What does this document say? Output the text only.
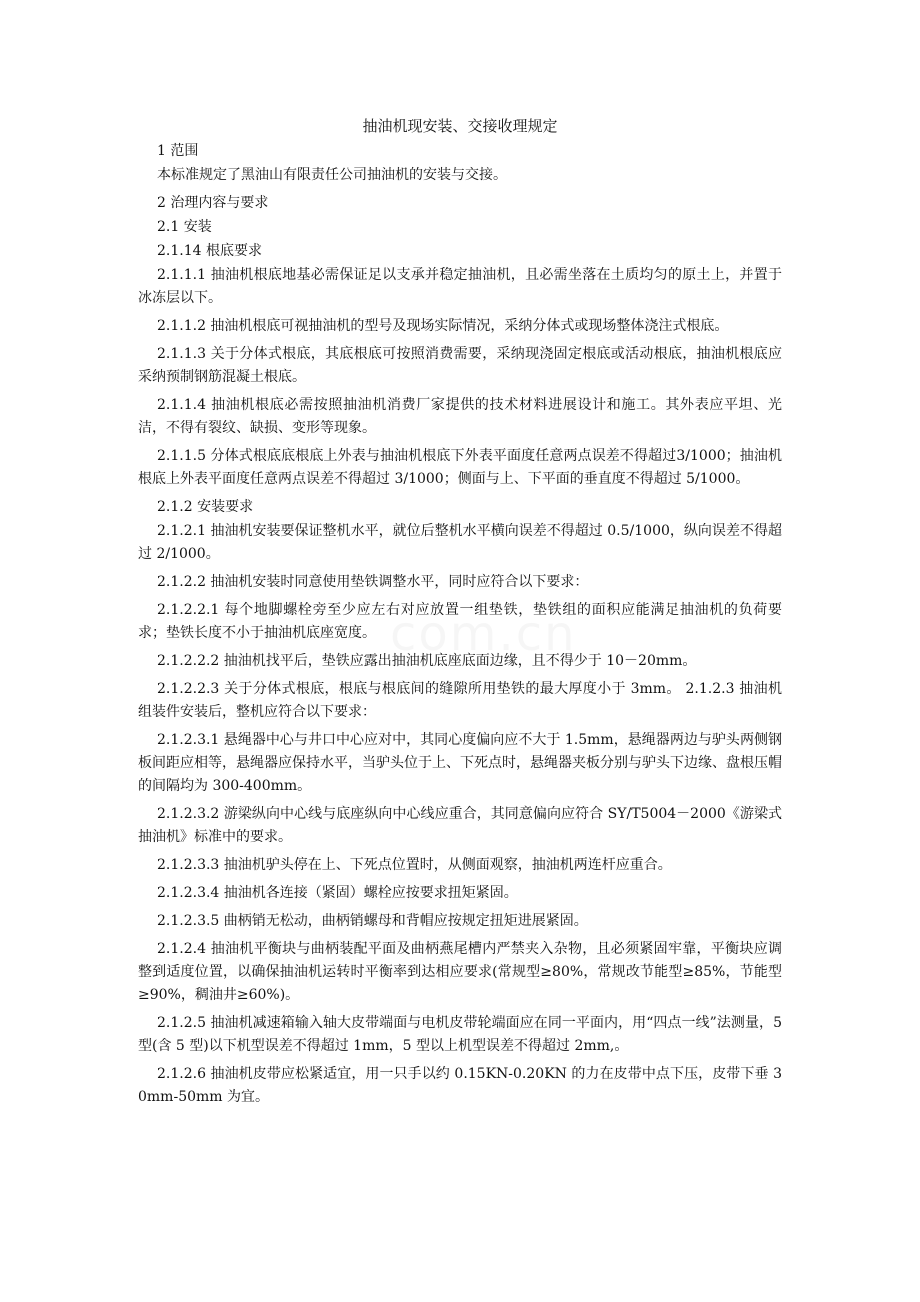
抽油机现安装、交接收理规定

1 范围

本标准规定了黑油山有限责任公司抽油机的安装与交接。

2 治理内容与要求

2.1 安装

2.1.14 根底要求

2.1.1.1 抽油机根底地基必需保证足以支承并稳定抽油机，且必需坐落在土质均匀的原土上，并置于冰冻层以下。

2.1.1.2 抽油机根底可视抽油机的型号及现场实际情况，采纳分体式或现场整体浇注式根底。

2.1.1.3 关于分体式根底，其底根底可按照消费需要，采纳现浇固定根底或活动根底，抽油机根底应采纳预制钢筋混凝土根底。

2.1.1.4 抽油机根底必需按照抽油机消费厂家提供的技术材料进展设计和施工。其外表应平坦、光洁，不得有裂纹、缺损、变形等现象。

2.1.1.5 分体式根底底根底上外表与抽油机根底下外表平面度任意两点误差不得超过3/1000；抽油机根底上外表平面度任意两点误差不得超过 3/1000；侧面与上、下平面的垂直度不得超过 5/1000。

2.1.2 安装要求

2.1.2.1 抽油机安装要保证整机水平，就位后整机水平横向误差不得超过 0.5/1000，纵向误差不得超过 2/1000。

2.1.2.2 抽油机安装时同意使用垫铁调整水平，同时应符合以下要求：

2.1.2.2.1 每个地脚螺栓旁至少应左右对应放置一组垫铁，垫铁组的面积应能满足抽油机的负荷要求；垫铁长度不小于抽油机底座宽度。

2.1.2.2.2 抽油机找平后，垫铁应露出抽油机底座底面边缘，且不得少于 10－20mm。

2.1.2.2.3 关于分体式根底，根底与根底间的缝隙所用垫铁的最大厚度小于 3mm。 2.1.2.3 抽油机组装件安装后，整机应符合以下要求：

2.1.2.3.1 悬绳器中心与井口中心应对中，其同心度偏向应不大于 1.5mm，悬绳器两边与驴头两侧钢板间距应相等，悬绳器应保持水平，当驴头位于上、下死点时，悬绳器夹板分别与驴头下边缘、盘根压帽的间隔均为 300-400mm。

2.1.2.3.2 游梁纵向中心线与底座纵向中心线应重合，其同意偏向应符合 SY/T5004－2000《游梁式抽油机》标准中的要求。

2.1.2.3.3 抽油机驴头停在上、下死点位置时，从侧面观察，抽油机两连杆应重合。

2.1.2.3.4 抽油机各连接（紧固）螺栓应按要求扭矩紧固。

2.1.2.3.5 曲柄销无松动，曲柄销螺母和背帽应按规定扭矩进展紧固。

2.1.2.4 抽油机平衡块与曲柄装配平面及曲柄燕尾槽内严禁夹入杂物，且必须紧固牢靠，平衡块应调整到适度位置，以确保抽油机运转时平衡率到达相应要求(常规型≥80%，常规改节能型≥85%，节能型≥90%，稠油井≥60%)。

2.1.2.5 抽油机减速箱输入轴大皮带端面与电机皮带轮端面应在同一平面内，用“四点一线”法测量，5 型(含 5 型)以下机型误差不得超过 1mm，5 型以上机型误差不得超过 2mm,。

2.1.2.6 抽油机皮带应松紧适宜，用一只手以约 0.15KN-0.20KN 的力在皮带中点下压，皮带下垂 30mm-50mm 为宜。
